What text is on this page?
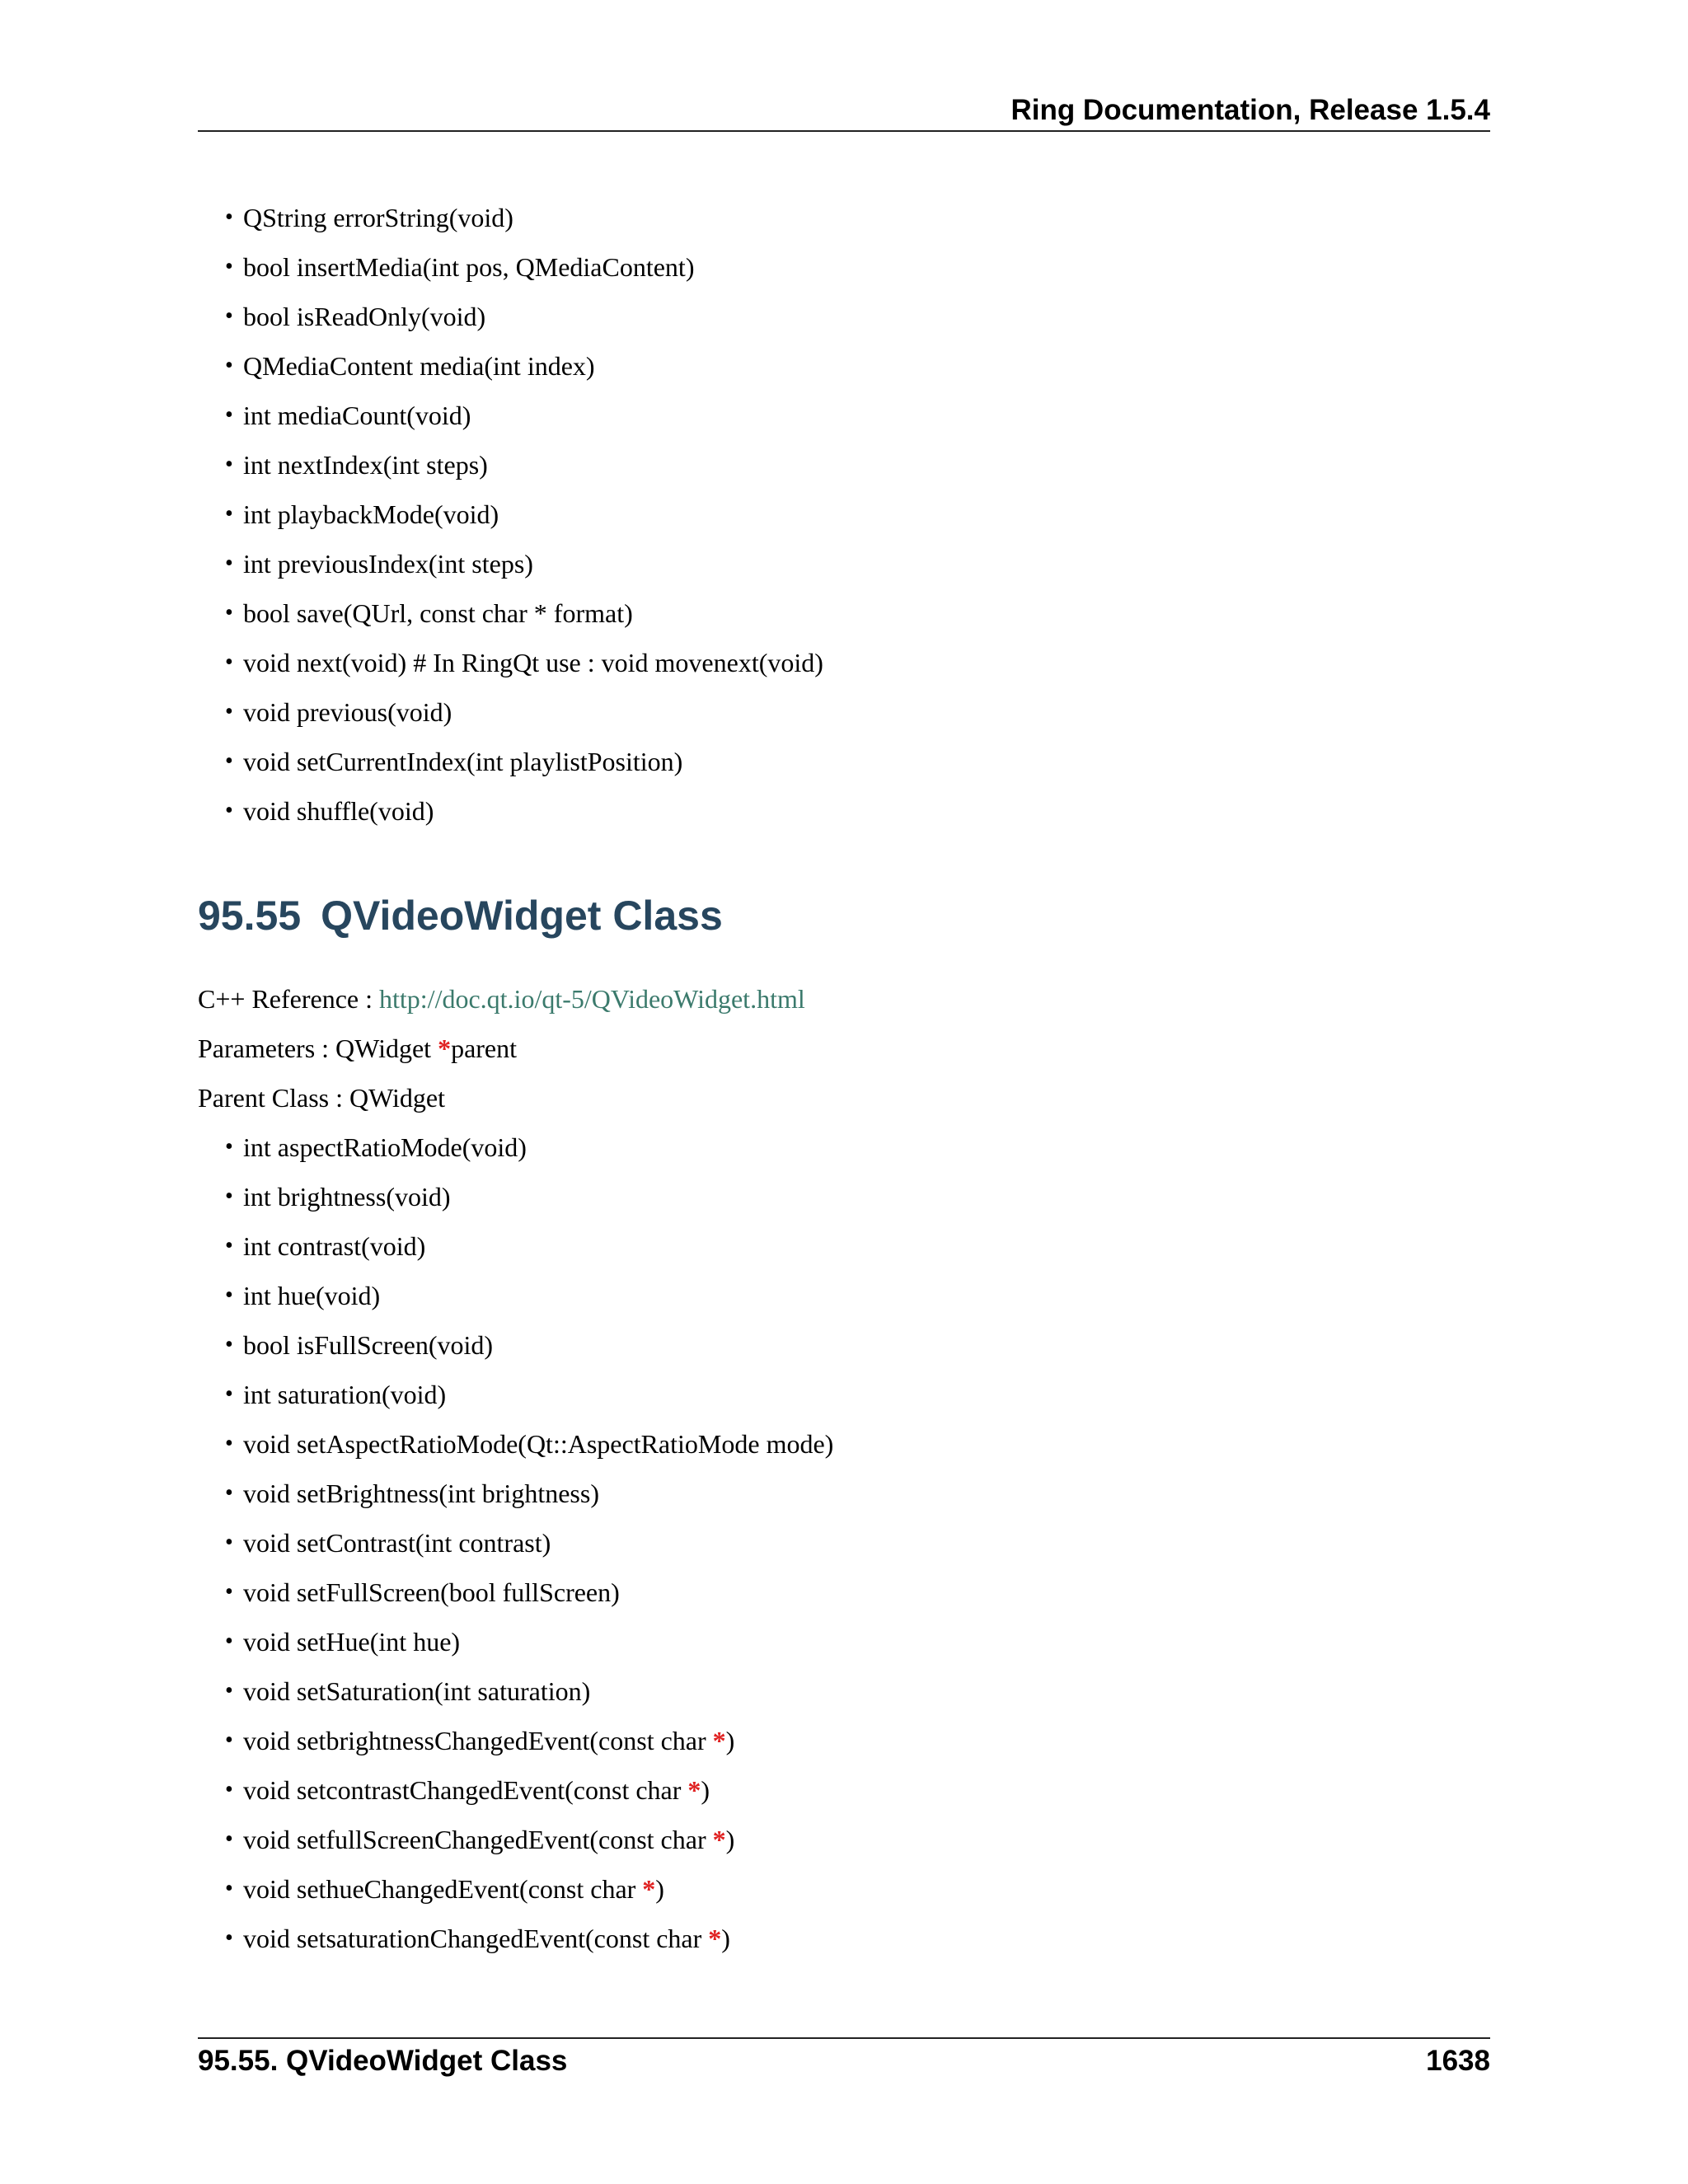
Ring Documentation, Release 1.5.4
• QString errorString(void)
• bool insertMedia(int pos, QMediaContent)
• bool isReadOnly(void)
• QMediaContent media(int index)
• int mediaCount(void)
• int nextIndex(int steps)
• int playbackMode(void)
• int previousIndex(int steps)
• bool save(QUrl, const char * format)
• void next(void) # In RingQt use : void movenext(void)
• void previous(void)
• void setCurrentIndex(int playlistPosition)
• void shuffle(void)
95.55 QVideoWidget Class
C++ Reference : http://doc.qt.io/qt-5/QVideoWidget.html
Parameters : QWidget *parent
Parent Class : QWidget
• int aspectRatioMode(void)
• int brightness(void)
• int contrast(void)
• int hue(void)
• bool isFullScreen(void)
• int saturation(void)
• void setAspectRatioMode(Qt::AspectRatioMode mode)
• void setBrightness(int brightness)
• void setContrast(int contrast)
• void setFullScreen(bool fullScreen)
• void setHue(int hue)
• void setSaturation(int saturation)
• void setbrightnessChangedEvent(const char *)
• void setcontrastChangedEvent(const char *)
• void setfullScreenChangedEvent(const char *)
• void sethueChangedEvent(const char *)
• void setsaturationChangedEvent(const char *)
95.55. QVideoWidget Class	1638
